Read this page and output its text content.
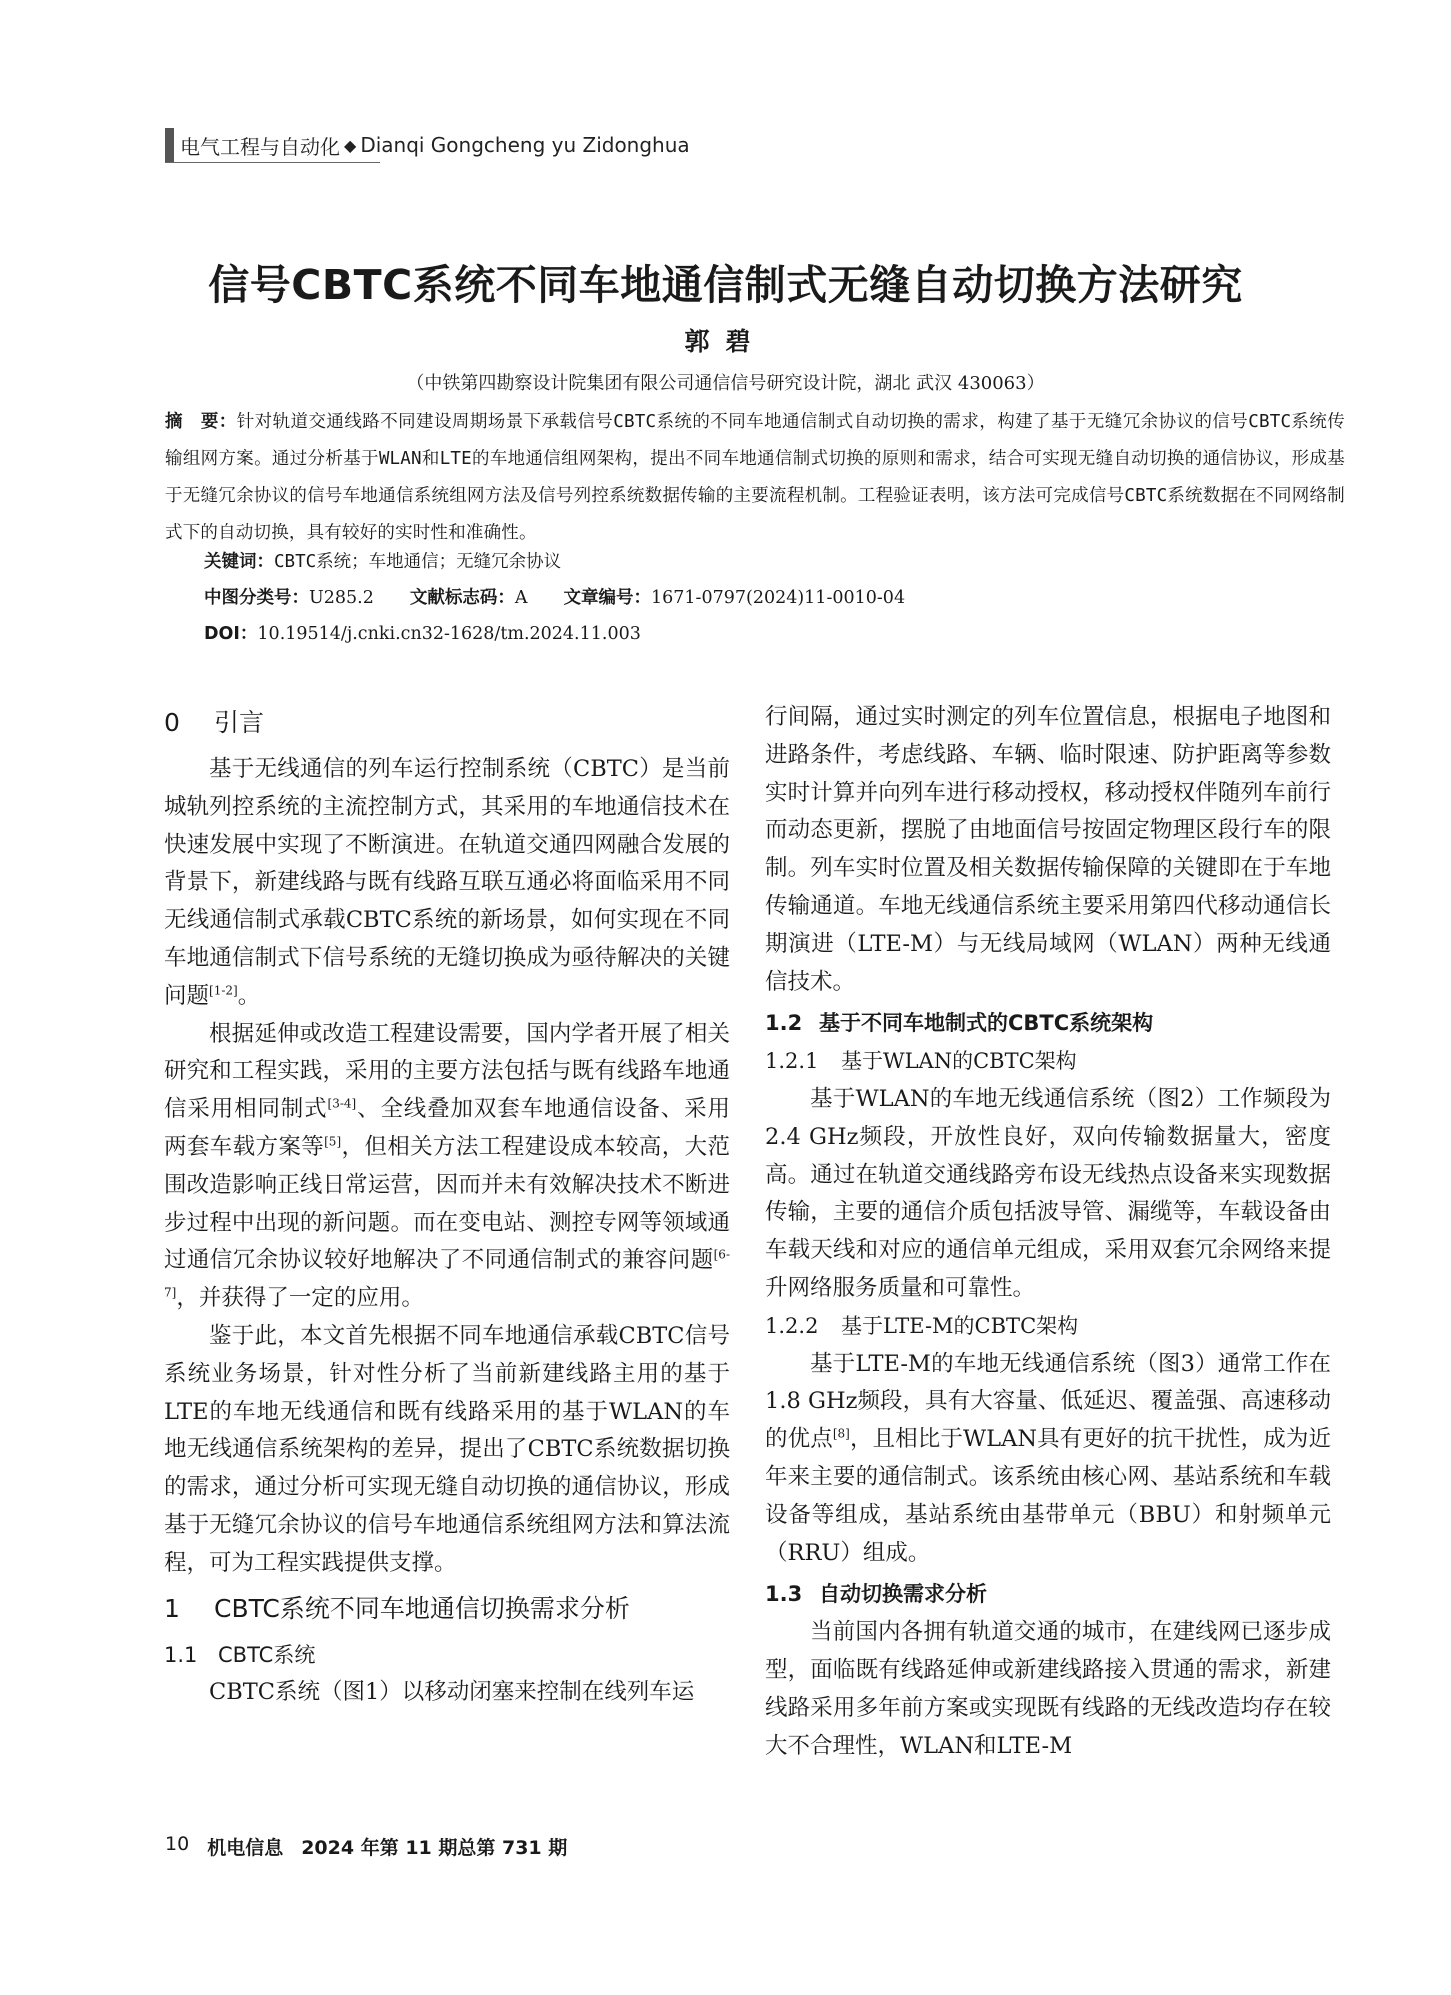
电气工程与自动化 ◆ Dianqi Gongcheng yu Zidonghua
信号CBTC系统不同车地通信制式无缝自动切换方法研究
郭碧
（中铁第四勘察设计院集团有限公司通信信号研究设计院，湖北 武汉 430063）
摘　要：针对轨道交通线路不同建设周期场景下承载信号CBTC系统的不同车地通信制式自动切换的需求，构建了基于无缝冗余协议的信号CBTC系统传输组网方案。通过分析基于WLAN和LTE的车地通信组网架构，提出不同车地通信制式切换的原则和需求，结合可实现无缝自动切换的通信协议，形成基于无缝冗余协议的信号车地通信系统组网方法及信号列控系统数据传输的主要流程机制。工程验证表明，该方法可完成信号CBTC系统数据在不同网络制式下的自动切换，具有较好的实时性和准确性。
关键词：CBTC系统；车地通信；无缝冗余协议
中图分类号：U285.2 文献标志码：A 文章编号：1671-0797(2024)11-0010-04
DOI：10.19514/j.cnki.cn32-1628/tm.2024.11.003
0 引言

基于无线通信的列车运行控制系统（CBTC）是当前城轨列控系统的主流控制方式，其采用的车地通信技术在快速发展中实现了不断演进。在轨道交通四网融合发展的背景下，新建线路与既有线路互联互通必将面临采用不同无线通信制式承载CBTC系统的新场景，如何实现在不同车地通信制式下信号系统的无缝切换成为亟待解决的关键问题[1-2]。

根据延伸或改造工程建设需要，国内学者开展了相关研究和工程实践，采用的主要方法包括与既有线路车地通信采用相同制式[3-4]、全线叠加双套车地通信设备、采用两套车载方案等[5]，但相关方法工程建设成本较高，大范围改造影响正线日常运营，因而并未有效解决技术不断进步过程中出现的新问题。而在变电站、测控专网等领域通过通信冗余协议较好地解决了不同通信制式的兼容问题[6-7]，并获得了一定的应用。

鉴于此，本文首先根据不同车地通信承载CBTC信号系统业务场景，针对性分析了当前新建线路主用的基于LTE的车地无线通信和既有线路采用的基于WLAN的车地无线通信系统架构的差异，提出了CBTC系统数据切换的需求，通过分析可实现无缝自动切换的通信协议，形成基于无缝冗余协议的信号车地通信系统组网方法和算法流程，可为工程实践提供支撑。

1 CBTC系统不同车地通信切换需求分析
1.1 CBTC系统

CBTC系统（图1）以移动闭塞来控制在线列车运

行间隔，通过实时测定的列车位置信息，根据电子地图和进路条件，考虑线路、车辆、临时限速、防护距离等参数实时计算并向列车进行移动授权，移动授权伴随列车前行而动态更新，摆脱了由地面信号按固定物理区段行车的限制。列车实时位置及相关数据传输保障的关键即在于车地传输通道。车地无线通信系统主要采用第四代移动通信长期演进（LTE-M）与无线局域网（WLAN）两种无线通信技术。

1.2 基于不同车地制式的CBTC系统架构
1.2.1 基于WLAN的CBTC架构

基于WLAN的车地无线通信系统（图2）工作频段为2.4 GHz频段，开放性良好，双向传输数据量大，密度高。通过在轨道交通线路旁布设无线热点设备来实现数据传输，主要的通信介质包括波导管、漏缆等，车载设备由车载天线和对应的通信单元组成，采用双套冗余网络来提升网络服务质量和可靠性。

1.2.2 基于LTE-M的CBTC架构

基于LTE-M的车地无线通信系统（图3）通常工作在1.8 GHz频段，具有大容量、低延迟、覆盖强、高速移动的优点[8]，且相比于WLAN具有更好的抗干扰性，成为近年来主要的通信制式。该系统由核心网、基站系统和车载设备等组成，基站系统由基带单元（BBU）和射频单元（RRU）组成。

1.3 自动切换需求分析

当前国内各拥有轨道交通的城市，在建线网已逐步成型，面临既有线路延伸或新建线路接入贯通的需求，新建线路采用多年前方案或实现既有线路的无线改造均存在较大不合理性，WLAN和LTE-M

10 机电信息 2024 年第 11 期总第 731 期
